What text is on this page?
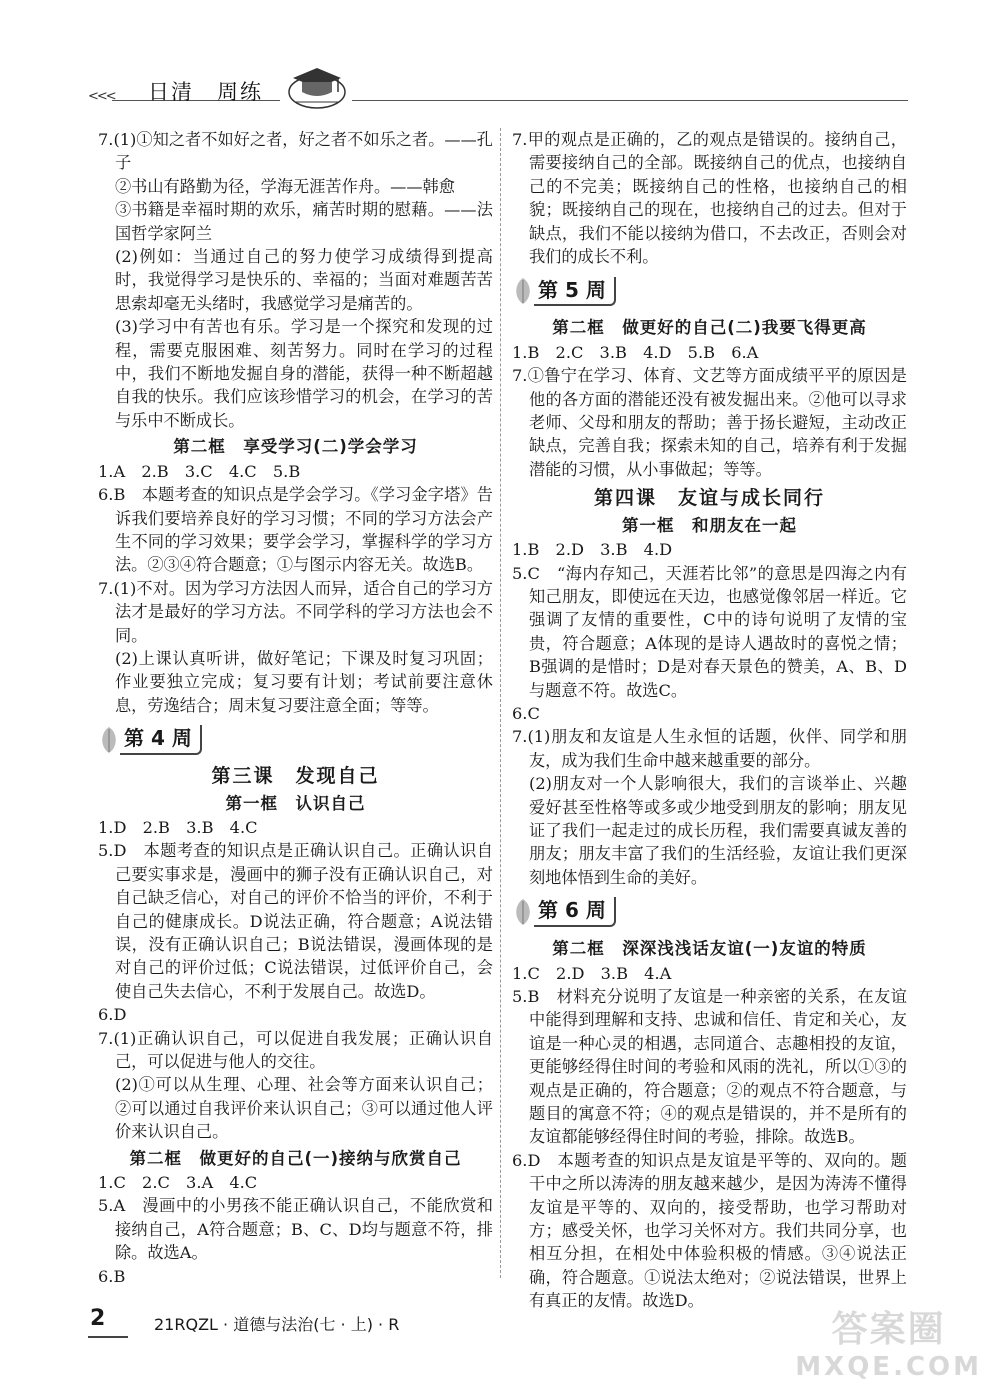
<<< 日清　周练
7.(1)①知之者不如好之者，好之者不如乐之者。——孔子
②书山有路勤为径，学海无涯苦作舟。——韩愈
③书籍是幸福时期的欢乐，痛苦时期的慰藉。——法国哲学家阿兰
(2)例如：当通过自己的努力使学习成绩得到提高时，我觉得学习是快乐的、幸福的；当面对难题苦苦思索却毫无头绪时，我感觉学习是痛苦的。
(3)学习中有苦也有乐。学习是一个探究和发现的过程，需要克服困难、刻苦努力。同时在学习的过程中，我们不断地发掘自身的潜能，获得一种不断超越自我的快乐。我们应该珍惜学习的机会，在学习的苦与乐中不断成长。
第二框　享受学习(二)学会学习
1.A　2.B　3.C　4.C　5.B
6.B　本题考查的知识点是学会学习。《学习金字塔》告诉我们要培养良好的学习习惯；不同的学习方法会产生不同的学习效果；要学会学习，掌握科学的学习方法。②③④符合题意；①与图示内容无关。故选B。
7.(1)不对。因为学习方法因人而异，适合自己的学习方法才是最好的学习方法。不同学科的学习方法也会不同。
(2)上课认真听讲，做好笔记；下课及时复习巩固；作业要独立完成；复习要有计划；考试前要注意休息，劳逸结合；周末复习要注意全面；等等。
第 4 周
第三课　发现自己
第一框　认识自己
1.D　2.B　3.B　4.C
5.D　本题考查的知识点是正确认识自己。正确认识自己要实事求是，漫画中的狮子没有正确认识自己，对自己缺乏信心，对自己的评价不恰当的评价，不利于自己的健康成长。D说法正确，符合题意；A说法错误，没有正确认识自己；B说法错误，漫画体现的是对自己的评价过低；C说法错误，过低评价自己，会使自己失去信心，不利于发展自己。故选D。
6.D
7.(1)正确认识自己，可以促进自我发展；正确认识自己，可以促进与他人的交往。
(2)①可以从生理、心理、社会等方面来认识自己；②可以通过自我评价来认识自己；③可以通过他人评价来认识自己。
第二框　做更好的自己(一)接纳与欣赏自己
1.C　2.C　3.A　4.C
5.A　漫画中的小男孩不能正确认识自己，不能欣赏和接纳自己，A符合题意；B、C、D均与题意不符，排除。故选A。
6.B
7.甲的观点是正确的，乙的观点是错误的。接纳自己，需要接纳自己的全部。既接纳自己的优点，也接纳自己的不完美；既接纳自己的性格，也接纳自己的相貌；既接纳自己的现在，也接纳自己的过去。但对于缺点，我们不能以接纳为借口，不去改正，否则会对我们的成长不利。
第 5 周
第二框　做更好的自己(二)我要飞得更高
1.B　2.C　3.B　4.D　5.B　6.A
7.①鲁宁在学习、体育、文艺等方面成绩平平的原因是他的各方面的潜能还没有被发掘出来。②他可以寻求老师、父母和朋友的帮助；善于扬长避短，主动改正缺点，完善自我；探索未知的自己，培养有利于发掘潜能的习惯，从小事做起；等等。
第四课　友谊与成长同行
第一框　和朋友在一起
1.B　2.D　3.B　4.D
5.C　“海内存知己，天涯若比邻”的意思是四海之内有知己朋友，即使远在天边，也感觉像邻居一样近。它强调了友情的重要性，C中的诗句说明了友情的宝贵，符合题意；A体现的是诗人遇故时的喜悦之情；B强调的是惜时；D是对春天景色的赞美，A、B、D与题意不符。故选C。
6.C
7.(1)朋友和友谊是人生永恒的话题，伙伴、同学和朋友，成为我们生命中越来越重要的部分。
(2)朋友对一个人影响很大，我们的言谈举止、兴趣爱好甚至性格等或多或少地受到朋友的影响；朋友见证了我们一起走过的成长历程，我们需要真诚友善的朋友；朋友丰富了我们的生活经验，友谊让我们更深刻地体悟到生命的美好。
第 6 周
第二框　深深浅浅话友谊(一)友谊的特质
1.C　2.D　3.B　4.A
5.B　材料充分说明了友谊是一种亲密的关系，在友谊中能得到理解和支持、忠诚和信任、肯定和关心，友谊是一种心灵的相遇，志同道合、志趣相投的友谊，更能够经得住时间的考验和风雨的洗礼，所以①③的观点是正确的，符合题意；②的观点不符合题意，与题目的寓意不符；④的观点是错误的，并不是所有的友谊都能够经得住时间的考验，排除。故选B。
6.D　本题考查的知识点是友谊是平等的、双向的。题干中之所以涛涛的朋友越来越少，是因为涛涛不懂得友谊是平等的、双向的，接受帮助，也学习帮助对方；感受关怀，也学习关怀对方。我们共同分享，也相互分担，在相处中体验积极的情感。③④说法正确，符合题意。①说法太绝对；②说法错误，世界上有真正的友情。故选D。
2	21RQZL · 道德与法治(七 · 上) · R	答案圈
MXQE.COM
